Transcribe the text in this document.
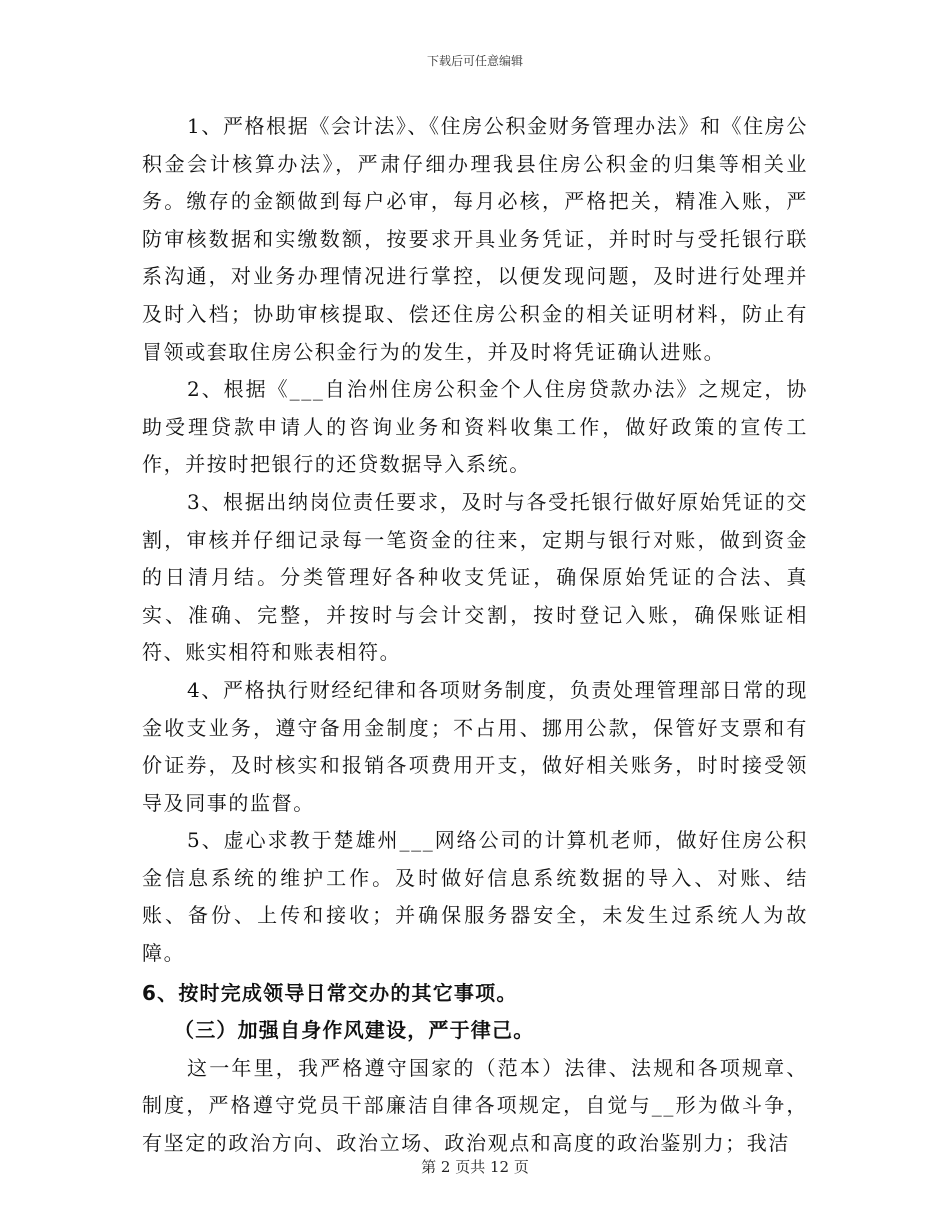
下载后可任意编辑

1、严格根据《会计法》、《住房公积金财务管理办法》和《住房公积金会计核算办法》，严肃仔细办理我县住房公积金的归集等相关业务。缴存的金额做到每户必审，每月必核，严格把关，精准入账，严防审核数据和实缴数额，按要求开具业务凭证，并时时与受托银行联系沟通，对业务办理情况进行掌控，以便发现问题，及时进行处理并及时入档；协助审核提取、偿还住房公积金的相关证明材料，防止有冒领或套取住房公积金行为的发生，并及时将凭证确认进账。

2、根据《___自治州住房公积金个人住房贷款办法》之规定，协助受理贷款申请人的咨询业务和资料收集工作，做好政策的宣传工作，并按时把银行的还贷数据导入系统。

3、根据出纳岗位责任要求，及时与各受托银行做好原始凭证的交割，审核并仔细记录每一笔资金的往来，定期与银行对账，做到资金的日清月结。分类管理好各种收支凭证，确保原始凭证的合法、真实、准确、完整，并按时与会计交割，按时登记入账，确保账证相符、账实相符和账表相符。

4、严格执行财经纪律和各项财务制度，负责处理管理部日常的现金收支业务，遵守备用金制度；不占用、挪用公款，保管好支票和有价证券，及时核实和报销各项费用开支，做好相关账务，时时接受领导及同事的监督。

5、虚心求教于楚雄州___网络公司的计算机老师，做好住房公积金信息系统的维护工作。及时做好信息系统数据的导入、对账、结账、备份、上传和接收；并确保服务器安全，未发生过系统人为故障。

6、按时完成领导日常交办的其它事项。

（三）加强自身作风建设，严于律己。

这一年里，我严格遵守国家的（范本）法律、法规和各项规章、制度，严格遵守党员干部廉洁自律各项规定，自觉与__形为做斗争，有坚定的政治方向、政治立场、政治观点和高度的政治鉴别力；我洁

第 2 页共 12 页
